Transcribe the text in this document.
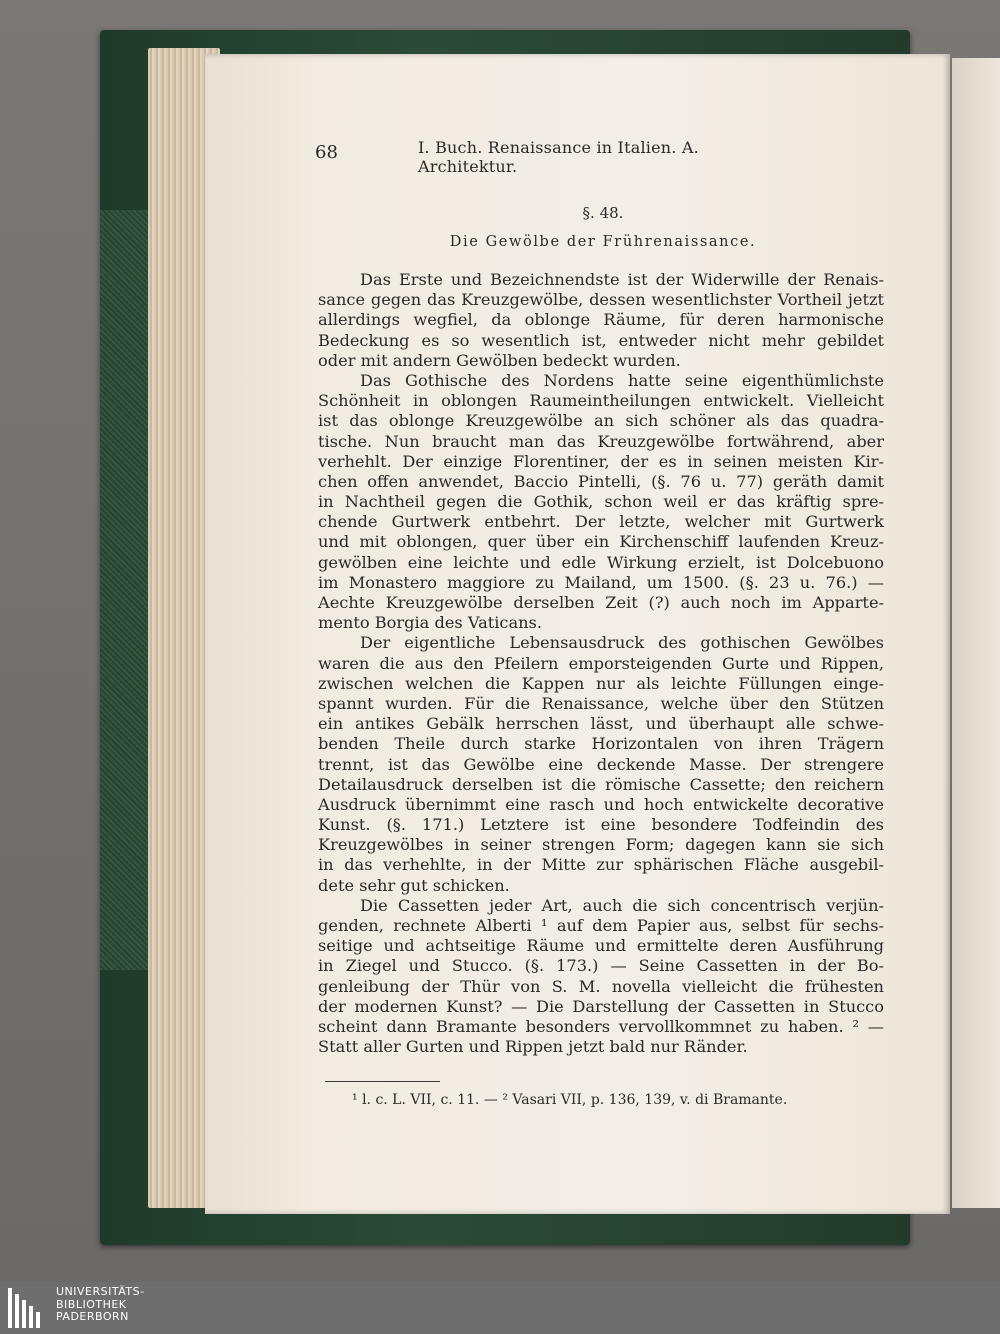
68	I. Buch. Renaissance in Italien. A. Architektur.
§. 48.
Die Gewölbe der Frührenaissance.
Das Erste und Bezeichnendste ist der Widerwille der Renais-
sance gegen das Kreuzgewölbe, dessen wesentlichster Vortheil jetzt
allerdings wegfiel, da oblonge Räume, für deren harmonische
Bedeckung es so wesentlich ist, entweder nicht mehr gebildet
oder mit andern Gewölben bedeckt wurden.
Das Gothische des Nordens hatte seine eigenthümlichste
Schönheit in oblongen Raumeintheilungen entwickelt. Vielleicht
ist das oblonge Kreuzgewölbe an sich schöner als das quadra-
tische. Nun braucht man das Kreuzgewölbe fortwährend, aber
verhehlt. Der einzige Florentiner, der es in seinen meisten Kir-
chen offen anwendet, Baccio Pintelli, (§. 76 u. 77) geräth damit
in Nachtheil gegen die Gothik, schon weil er das kräftig spre-
chende Gurtwerk entbehrt. Der letzte, welcher mit Gurtwerk
und mit oblongen, quer über ein Kirchenschiff laufenden Kreuz-
gewölben eine leichte und edle Wirkung erzielt, ist Dolcebuono
im Monastero maggiore zu Mailand, um 1500. (§. 23 u. 76.) —
Aechte Kreuzgewölbe derselben Zeit (?) auch noch im Apparte-
mento Borgia des Vaticans.
Der eigentliche Lebensausdruck des gothischen Gewölbes
waren die aus den Pfeilern emporsteigenden Gurte und Rippen,
zwischen welchen die Kappen nur als leichte Füllungen einge-
spannt wurden. Für die Renaissance, welche über den Stützen
ein antikes Gebälk herrschen lässt, und überhaupt alle schwe-
benden Theile durch starke Horizontalen von ihren Trägern
trennt, ist das Gewölbe eine deckende Masse. Der strengere
Detailausdruck derselben ist die römische Cassette; den reichern
Ausdruck übernimmt eine rasch und hoch entwickelte decorative
Kunst. (§. 171.) Letztere ist eine besondere Todfeindin des
Kreuzgewölbes in seiner strengen Form; dagegen kann sie sich
in das verhehlte, in der Mitte zur sphärischen Fläche ausgebil-
dete sehr gut schicken.
Die Cassetten jeder Art, auch die sich concentrisch verjün-
genden, rechnete Alberti ¹ auf dem Papier aus, selbst für sechs-
seitige und achtseitige Räume und ermittelte deren Ausführung
in Ziegel und Stucco. (§. 173.) — Seine Cassetten in der Bo-
genleibung der Thür von S. M. novella vielleicht die frühesten
der modernen Kunst? — Die Darstellung der Cassetten in Stucco
scheint dann Bramante besonders vervollkommnet zu haben. ² —
Statt aller Gurten und Rippen jetzt bald nur Ränder.
¹ l. c. L. VII, c. 11. — ² Vasari VII, p. 136, 139, v. di Bramante.
UNIVERSITÄTS-
BIBLIOTHEK
PADERBORN
